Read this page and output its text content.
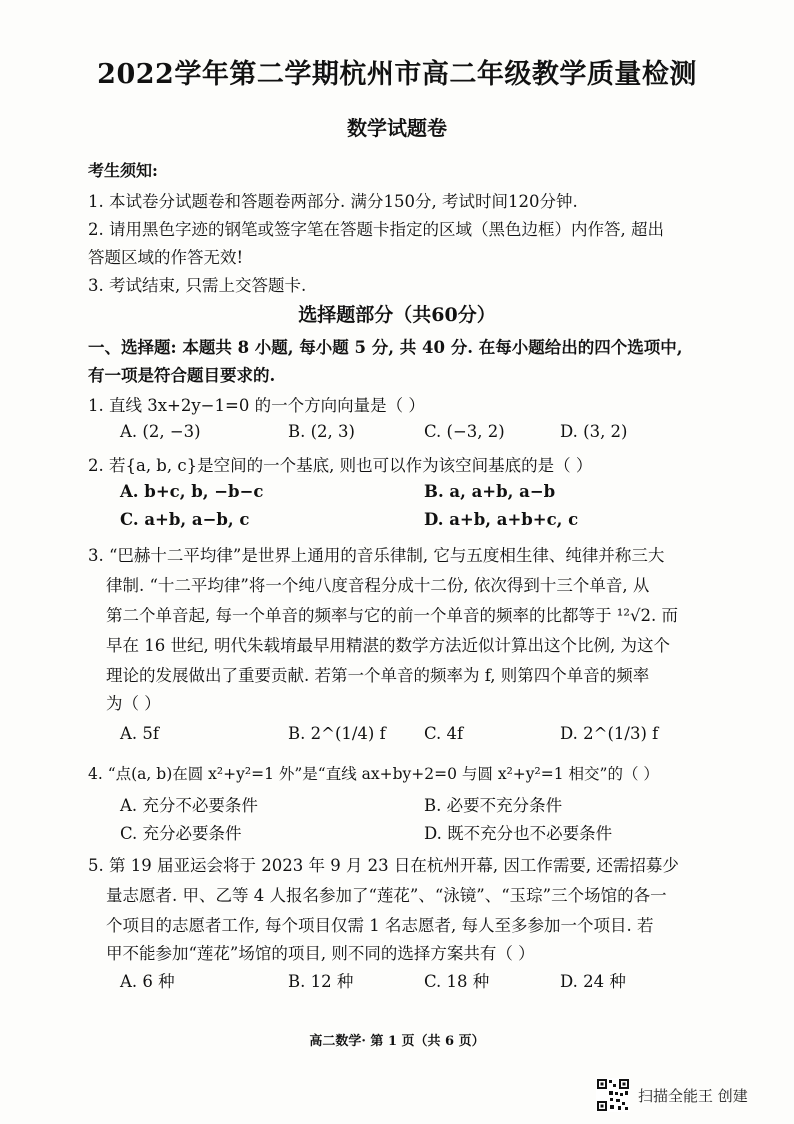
2022学年第二学期杭州市高二年级教学质量检测
数学试题卷
考生须知:
1. 本试卷分试题卷和答题卷两部分. 满分150分, 考试时间120分钟.
2. 请用黑色字迹的钢笔或签字笔在答题卡指定的区域（黑色边框）内作答, 超出
答题区域的作答无效!
3. 考试结束, 只需上交答题卡.
选择题部分（共60分）
一、选择题: 本题共 8 小题, 每小题 5 分, 共 40 分. 在每小题给出的四个选项中,
有一项是符合题目要求的.
1. 直线 3x+2y−1=0 的一个方向向量是（ ）
A. (2, −3)	B. (2, 3)	C. (−3, 2)	D. (3, 2)
2. 若{a, b, c}是空间的一个基底, 则也可以作为该空间基底的是（ ）
A. b+c, b, −b−c	B. a, a+b, a−b
C. a+b, a−b, c	D. a+b, a+b+c, c
3. “巴赫十二平均律”是世界上通用的音乐律制, 它与五度相生律、纯律并称三大
律制. “十二平均律”将一个纯八度音程分成十二份, 依次得到十三个单音, 从
第二个单音起, 每一个单音的频率与它的前一个单音的频率的比都等于 ¹²√2. 而
早在 16 世纪, 明代朱载堉最早用精湛的数学方法近似计算出这个比例, 为这个
理论的发展做出了重要贡献. 若第一个单音的频率为 f, 则第四个单音的频率
为（ ）
A. 5f	B. 2^(1/4) f C. 4f	D. 2^(1/3) f
4. “点(a, b)在圆 x²+y²=1 外”是“直线 ax+by+2=0 与圆 x²+y²=1 相交”的（ ）
A. 充分不必要条件	B. 必要不充分条件
C. 充分必要条件	D. 既不充分也不必要条件
5. 第 19 届亚运会将于 2023 年 9 月 23 日在杭州开幕, 因工作需要, 还需招募少
量志愿者. 甲、乙等 4 人报名参加了“莲花”、“泳镜”、“玉琮”三个场馆的各一
个项目的志愿者工作, 每个项目仅需 1 名志愿者, 每人至多参加一个项目. 若
甲不能参加“莲花”场馆的项目, 则不同的选择方案共有（ ）
A. 6 种	B. 12 种	C. 18 种	D. 24 种
高二数学· 第 1 页（共 6 页）
扫描全能王 创建
